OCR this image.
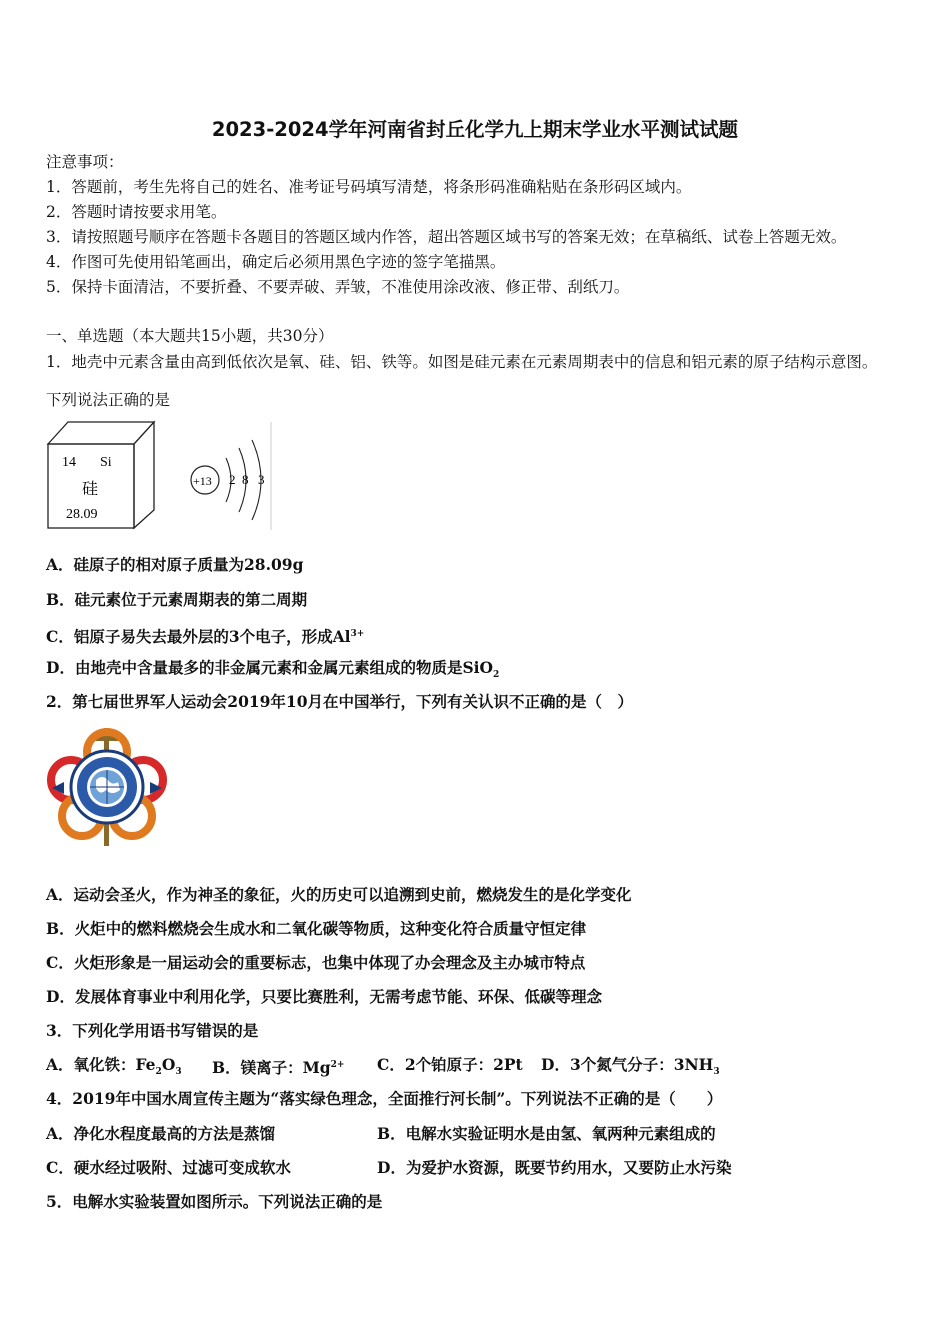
2023-2024学年河南省封丘化学九上期末学业水平测试试题
注意事项：
1．答题前，考生先将自己的姓名、准考证号码填写清楚，将条形码准确粘贴在条形码区域内。
2．答题时请按要求用笔。
3．请按照题号顺序在答题卡各题目的答题区域内作答，超出答题区域书写的答案无效；在草稿纸、试卷上答题无效。
4．作图可先使用铅笔画出，确定后必须用黑色字迹的签字笔描黑。
5．保持卡面清洁，不要折叠、不要弄破、弄皱，不准使用涂改液、修正带、刮纸刀。
一、单选题（本大题共15小题，共30分）
1．地壳中元素含量由高到低依次是氧、硅、铝、铁等。如图是硅元素在元素周期表中的信息和铝元素的原子结构示意图。
下列说法正确的是
14 Si
硅
28.09
+13 2 8 3
A．硅原子的相对原子质量为28.09g
B．硅元素位于元素周期表的第二周期
C．铝原子易失去最外层的3个电子，形成$Al^{3+}$
D．由地壳中含量最多的非金属元素和金属元素组成的物质是SiO$_2$
2．第七届世界军人运动会2019年10月在中国举行，下列有关认识不正确的是（　）
A．运动会圣火，作为神圣的象征，火的历史可以追溯到史前，燃烧发生的是化学变化
B．火炬中的燃料燃烧会生成水和二氧化碳等物质，这种变化符合质量守恒定律
C．火炬形象是一届运动会的重要标志，也集中体现了办会理念及主办城市特点
D．发展体育事业中利用化学，只要比赛胜利，无需考虑节能、环保、低碳等理念
3．下列化学用语书写错误的是
A．氧化铁：$Fe_2O_3$ B．镁离子：$Mg^{2+}$ C．2个铂原子：2Pt D．3个氮气分子：$3NH_3$
4．2019年中国水周宣传主题为“落实绿色理念，全面推行河长制”。下列说法不正确的是（　　）
A．净化水程度最高的方法是蒸馏	B．电解水实验证明水是由氢、氧两种元素组成的
C．硬水经过吸附、过滤可变成软水	D．为爱护水资源，既要节约用水，又要防止水污染
5．电解水实验装置如图所示。下列说法正确的是
